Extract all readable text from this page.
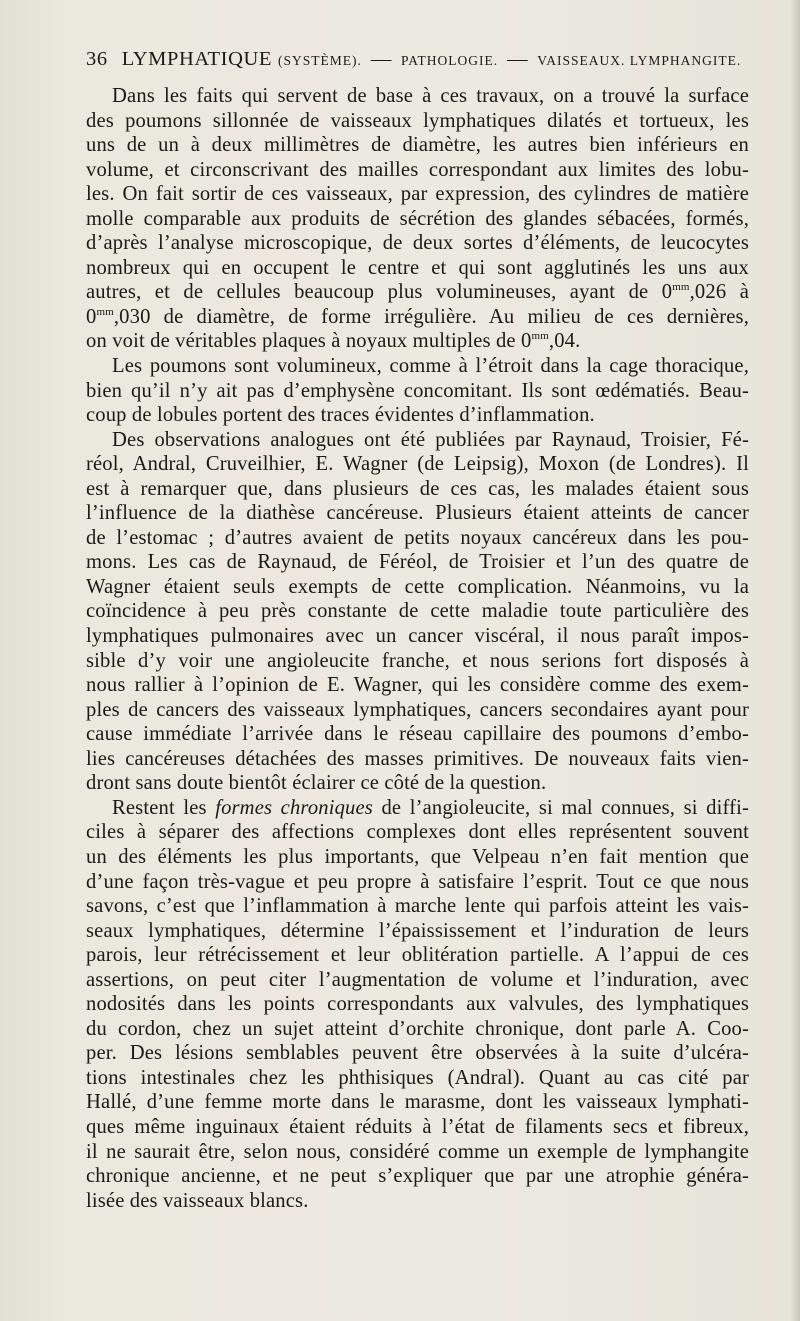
36 LYMPHATIQUE (SYSTÈME). — PATHOLOGIE. — VAISSEAUX. LYMPHANGITE.
Dans les faits qui servent de base à ces travaux, on a trouvé la surface
des poumons sillonnée de vaisseaux lymphatiques dilatés et tortueux, les
uns de un à deux millimètres de diamètre, les autres bien inférieurs en
volume, et circonscrivant des mailles correspondant aux limites des lobu-
les. On fait sortir de ces vaisseaux, par expression, des cylindres de matière
molle comparable aux produits de sécrétion des glandes sébacées, formés,
d’après l’analyse microscopique, de deux sortes d’éléments, de leucocytes
nombreux qui en occupent le centre et qui sont agglutinés les uns aux
autres, et de cellules beaucoup plus volumineuses, ayant de $0^{mm},026$ à
$0^{mm},030$ de diamètre, de forme irrégulière. Au milieu de ces dernières,
on voit de véritables plaques à noyaux multiples de $0^{mm},04$.
Les poumons sont volumineux, comme à l’étroit dans la cage thoracique,
bien qu’il n’y ait pas d’emphysène concomitant. Ils sont œdématiés. Beau-
coup de lobules portent des traces évidentes d’inflammation.
Des observations analogues ont été publiées par Raynaud, Troisier, Fé-
réol, Andral, Cruveilhier, E. Wagner (de Leipsig), Moxon (de Londres). Il
est à remarquer que, dans plusieurs de ces cas, les malades étaient sous
l’influence de la diathèse cancéreuse. Plusieurs étaient atteints de cancer
de l’estomac ; d’autres avaient de petits noyaux cancéreux dans les pou-
mons. Les cas de Raynaud, de Féréol, de Troisier et l’un des quatre de
Wagner étaient seuls exempts de cette complication. Néanmoins, vu la
coïncidence à peu près constante de cette maladie toute particulière des
lymphatiques pulmonaires avec un cancer viscéral, il nous paraît impos-
sible d’y voir une angioleucite franche, et nous serions fort disposés à
nous rallier à l’opinion de E. Wagner, qui les considère comme des exem-
ples de cancers des vaisseaux lymphatiques, cancers secondaires ayant pour
cause immédiate l’arrivée dans le réseau capillaire des poumons d’embo-
lies cancéreuses détachées des masses primitives. De nouveaux faits vien-
dront sans doute bientôt éclairer ce côté de la question.
Restent les formes chroniques de l’angioleucite, si mal connues, si diffi-
ciles à séparer des affections complexes dont elles représentent souvent
un des éléments les plus importants, que Velpeau n’en fait mention que
d’une façon très-vague et peu propre à satisfaire l’esprit. Tout ce que nous
savons, c’est que l’inflammation à marche lente qui parfois atteint les vais-
seaux lymphatiques, détermine l’épaississement et l’induration de leurs
parois, leur rétrécissement et leur oblitération partielle. A l’appui de ces
assertions, on peut citer l’augmentation de volume et l’induration, avec
nodosités dans les points correspondants aux valvules, des lymphatiques
du cordon, chez un sujet atteint d’orchite chronique, dont parle A. Coo-
per. Des lésions semblables peuvent être observées à la suite d’ulcéra-
tions intestinales chez les phthisiques (Andral). Quant au cas cité par
Hallé, d’une femme morte dans le marasme, dont les vaisseaux lymphati-
ques même inguinaux étaient réduits à l’état de filaments secs et fibreux,
il ne saurait être, selon nous, considéré comme un exemple de lymphangite
chronique ancienne, et ne peut s’expliquer que par une atrophie généra-
lisée des vaisseaux blancs.
